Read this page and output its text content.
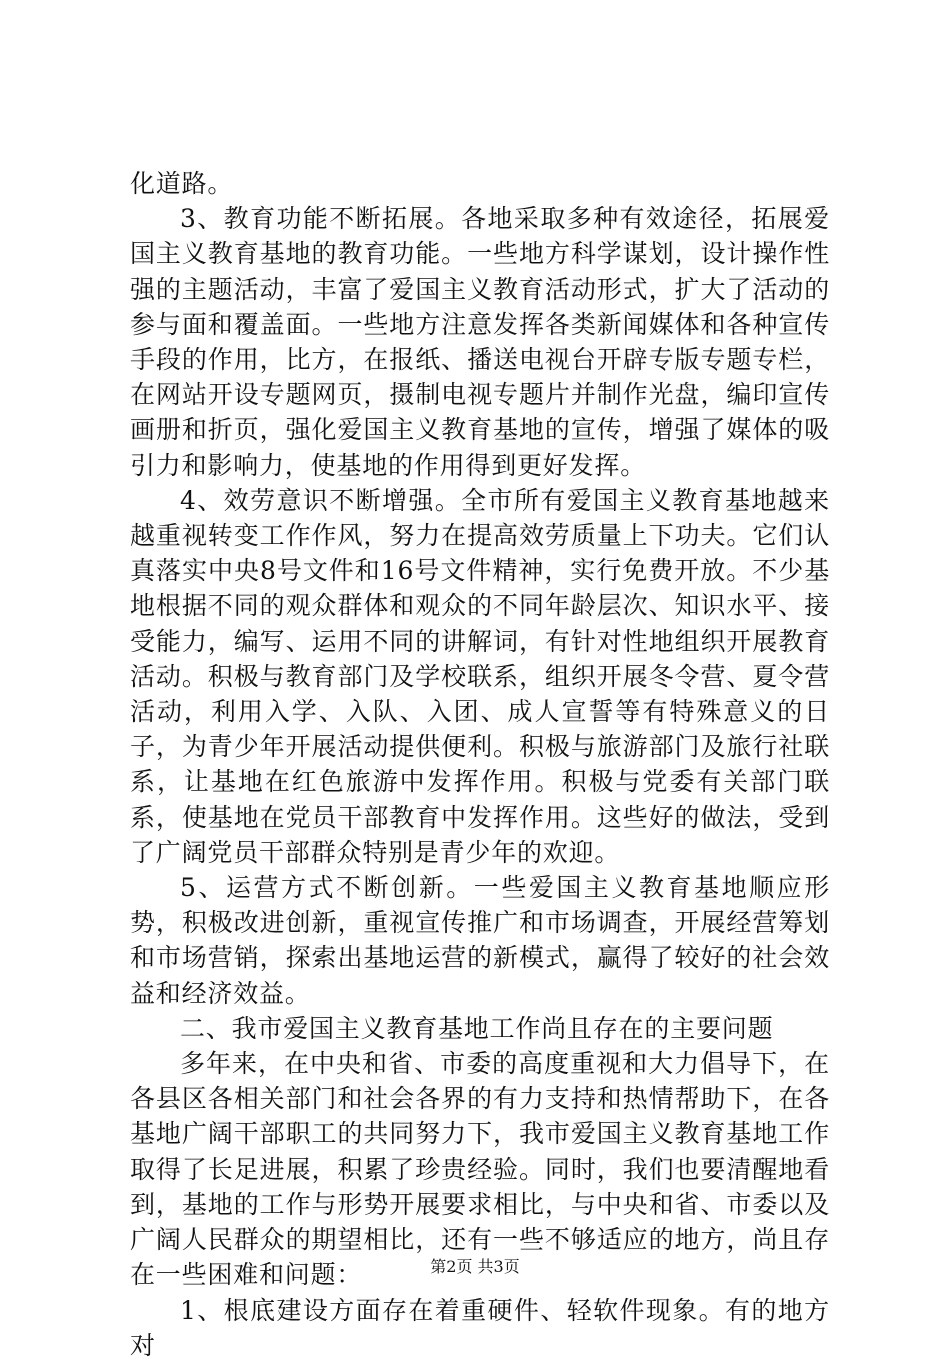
化道路。

3、教育功能不断拓展。各地采取多种有效途径，拓展爱国主义教育基地的教育功能。一些地方科学谋划，设计操作性强的主题活动，丰富了爱国主义教育活动形式，扩大了活动的参与面和覆盖面。一些地方注意发挥各类新闻媒体和各种宣传手段的作用，比方，在报纸、播送电视台开辟专版专题专栏，在网站开设专题网页，摄制电视专题片并制作光盘，编印宣传画册和折页，强化爱国主义教育基地的宣传，增强了媒体的吸引力和影响力，使基地的作用得到更好发挥。

4、效劳意识不断增强。全市所有爱国主义教育基地越来越重视转变工作作风，努力在提高效劳质量上下功夫。它们认真落实中央8号文件和16号文件精神，实行免费开放。不少基地根据不同的观众群体和观众的不同年龄层次、知识水平、接受能力，编写、运用不同的讲解词，有针对性地组织开展教育活动。积极与教育部门及学校联系，组织开展冬令营、夏令营活动，利用入学、入队、入团、成人宣誓等有特殊意义的日子，为青少年开展活动提供便利。积极与旅游部门及旅行社联系，让基地在红色旅游中发挥作用。积极与党委有关部门联系，使基地在党员干部教育中发挥作用。这些好的做法，受到了广阔党员干部群众特别是青少年的欢迎。

5、运营方式不断创新。一些爱国主义教育基地顺应形势，积极改进创新，重视宣传推广和市场调查，开展经营筹划和市场营销，探索出基地运营的新模式，赢得了较好的社会效益和经济效益。

二、我市爱国主义教育基地工作尚且存在的主要问题

多年来，在中央和省、市委的高度重视和大力倡导下，在各县区各相关部门和社会各界的有力支持和热情帮助下，在各基地广阔干部职工的共同努力下，我市爱国主义教育基地工作取得了长足进展，积累了珍贵经验。同时，我们也要清醒地看到，基地的工作与形势开展要求相比，与中央和省、市委以及广阔人民群众的期望相比，还有一些不够适应的地方，尚且存在一些困难和问题：

1、根底建设方面存在着重硬件、轻软件现象。有的地方对

第2页 共3页
